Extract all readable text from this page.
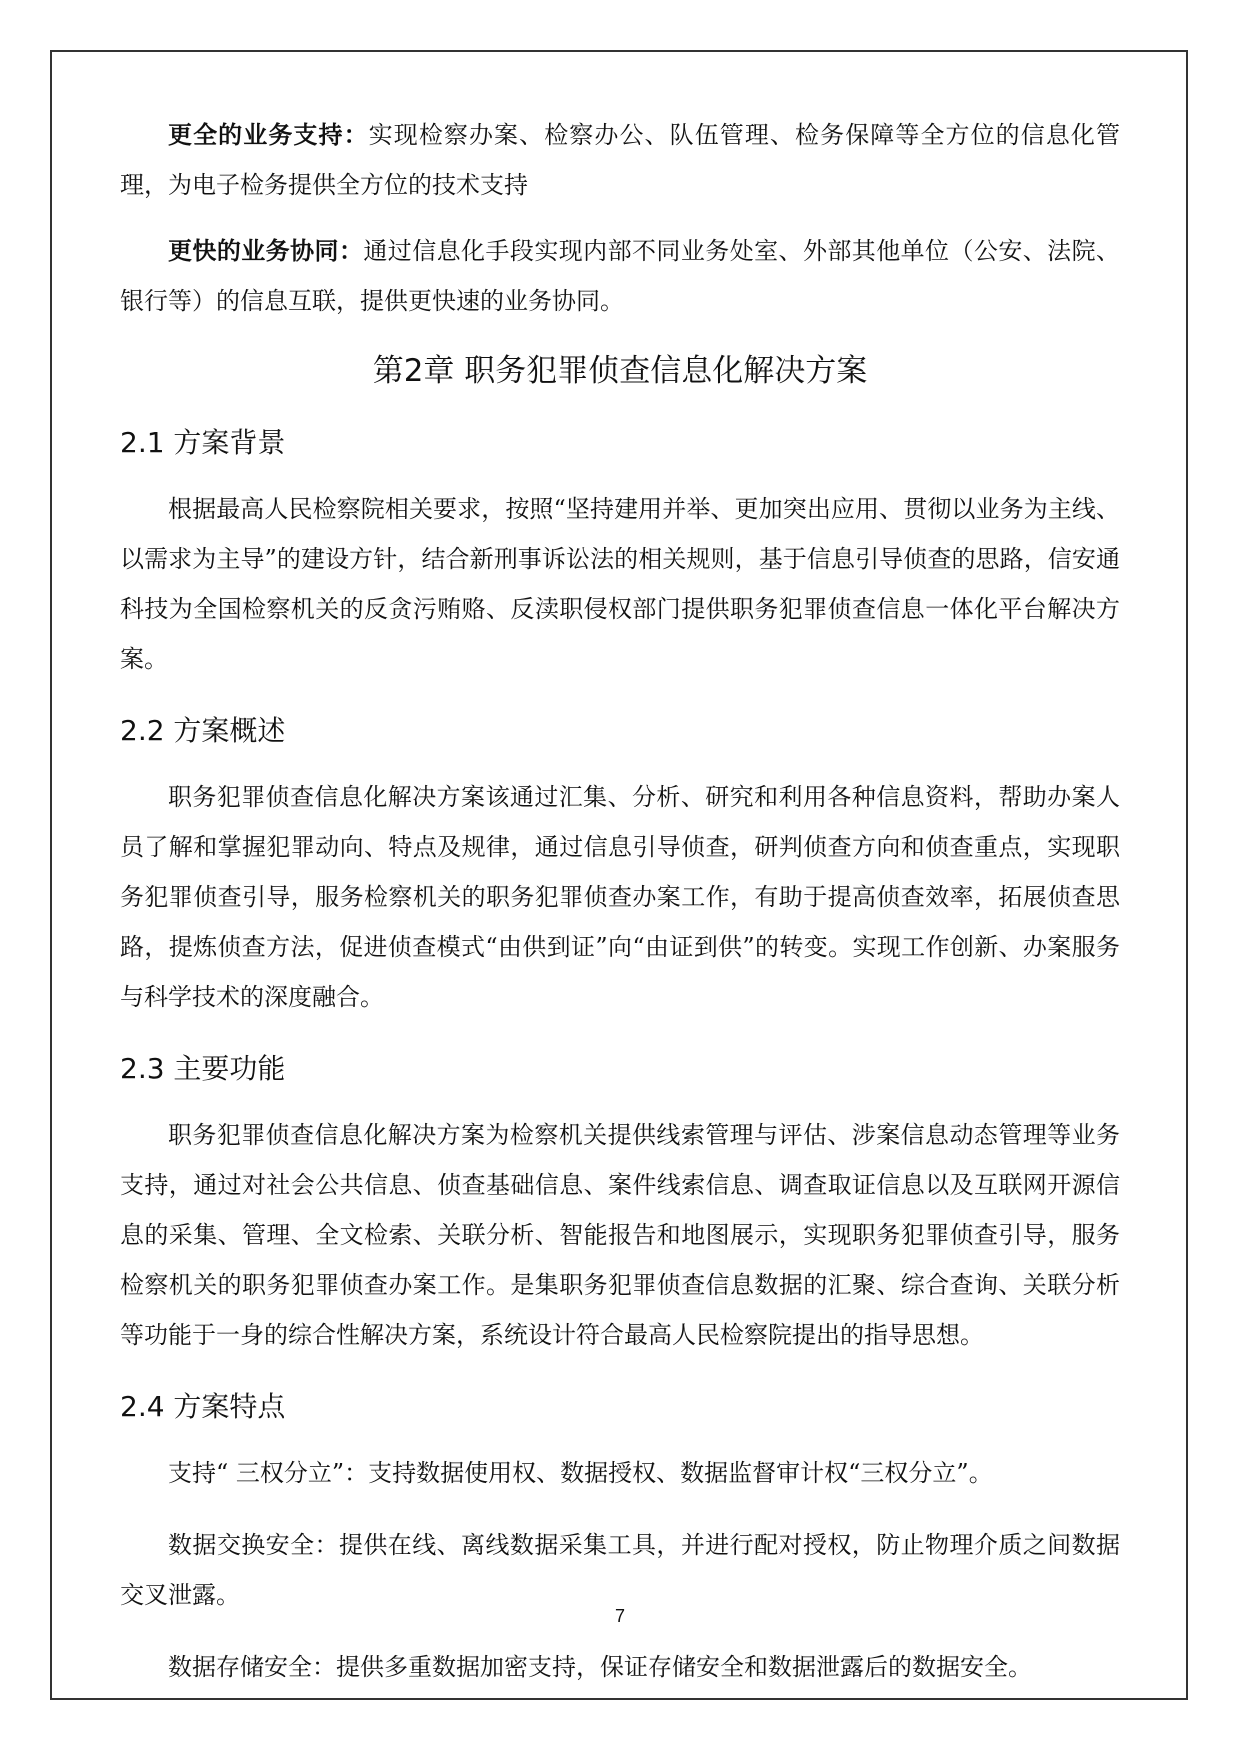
更全的业务支持：实现检察办案、检察办公、队伍管理、检务保障等全方位的信息化管理，为电子检务提供全方位的技术支持

更快的业务协同：通过信息化手段实现内部不同业务处室、外部其他单位（公安、法院、银行等）的信息互联，提供更快速的业务协同。

第2章 职务犯罪侦查信息化解决方案
2.1 方案背景

根据最高人民检察院相关要求，按照“坚持建用并举、更加突出应用、贯彻以业务为主线、以需求为主导”的建设方针，结合新刑事诉讼法的相关规则，基于信息引导侦查的思路，信安通科技为全国检察机关的反贪污贿赂、反渎职侵权部门提供职务犯罪侦查信息一体化平台解决方案。

2.2 方案概述

职务犯罪侦查信息化解决方案该通过汇集、分析、研究和利用各种信息资料，帮助办案人员了解和掌握犯罪动向、特点及规律，通过信息引导侦查，研判侦查方向和侦查重点，实现职务犯罪侦查引导，服务检察机关的职务犯罪侦查办案工作，有助于提高侦查效率，拓展侦查思路，提炼侦查方法，促进侦查模式“由供到证”向“由证到供”的转变。实现工作创新、办案服务与科学技术的深度融合。

2.3 主要功能

职务犯罪侦查信息化解决方案为检察机关提供线索管理与评估、涉案信息动态管理等业务支持，通过对社会公共信息、侦查基础信息、案件线索信息、调查取证信息以及互联网开源信息的采集、管理、全文检索、关联分析、智能报告和地图展示，实现职务犯罪侦查引导，服务检察机关的职务犯罪侦查办案工作。是集职务犯罪侦查信息数据的汇聚、综合查询、关联分析等功能于一身的综合性解决方案，系统设计符合最高人民检察院提出的指导思想。

2.4 方案特点

支持“ 三权分立”：支持数据使用权、数据授权、数据监督审计权“三权分立”。

数据交换安全：提供在线、离线数据采集工具，并进行配对授权，防止物理介质之间数据交叉泄露。

数据存储安全：提供多重数据加密支持，保证存储安全和数据泄露后的数据安全。

7
